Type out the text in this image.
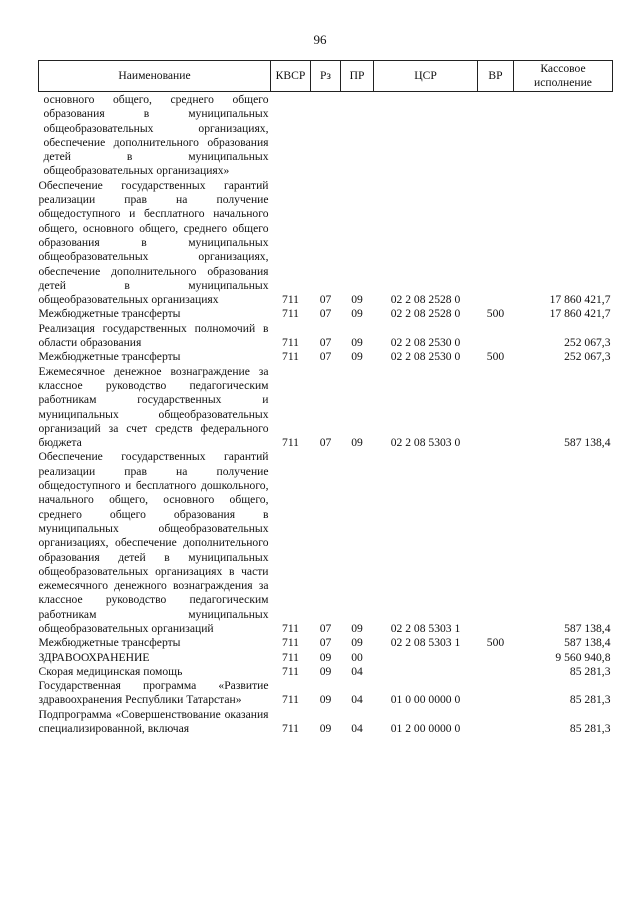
96
Наименование	КВСР	Рз	ПР	ЦСР	ВР	Кассовое исполнение
основного общего, среднего общего образования в муниципальных общеобразовательных организациях, обеспечение дополнительного образования детей в муниципальных общеобразовательных организациях»						
Обеспечение государственных гарантий реализации прав на получение общедоступного и бесплатного начального общего, основного общего, среднего общего образования в муниципальных общеобразовательных организациях, обеспечение дополнительного образования детей в муниципальных общеобразовательных организациях	711	07	09	02 2 08 2528 0		17 860 421,7
Межбюджетные трансферты	711	07	09	02 2 08 2528 0	500	17 860 421,7
Реализация государственных полномочий в области образования	711	07	09	02 2 08 2530 0		252 067,3
Межбюджетные трансферты	711	07	09	02 2 08 2530 0	500	252 067,3
Ежемесячное денежное вознаграждение за классное руководство педагогическим работникам государственных и муниципальных общеобразовательных организаций за счет средств федерального бюджета	711	07	09	02 2 08 5303 0		587 138,4
Обеспечение государственных гарантий реализации прав на получение общедоступного и бесплатного дошкольного, начального общего, основного общего, среднего общего образования в муниципальных общеобразовательных организациях, обеспечение дополнительного образования детей в муниципальных общеобразовательных организациях в части ежемесячного денежного вознаграждения за классное руководство педагогическим работникам муниципальных общеобразовательных организаций	711	07	09	02 2 08 5303 1		587 138,4
Межбюджетные трансферты	711	07	09	02 2 08 5303 1	500	587 138,4
ЗДРАВООХРАНЕНИЕ	711	09	00			9 560 940,8
Скорая медицинская помощь	711	09	04			85 281,3
Государственная программа «Развитие здравоохранения Республики Татарстан»	711	09	04	01 0 00 0000 0		85 281,3
Подпрограмма «Совершенствование оказания специализированной, включая	711	09	04	01 2 00 0000 0		85 281,3
